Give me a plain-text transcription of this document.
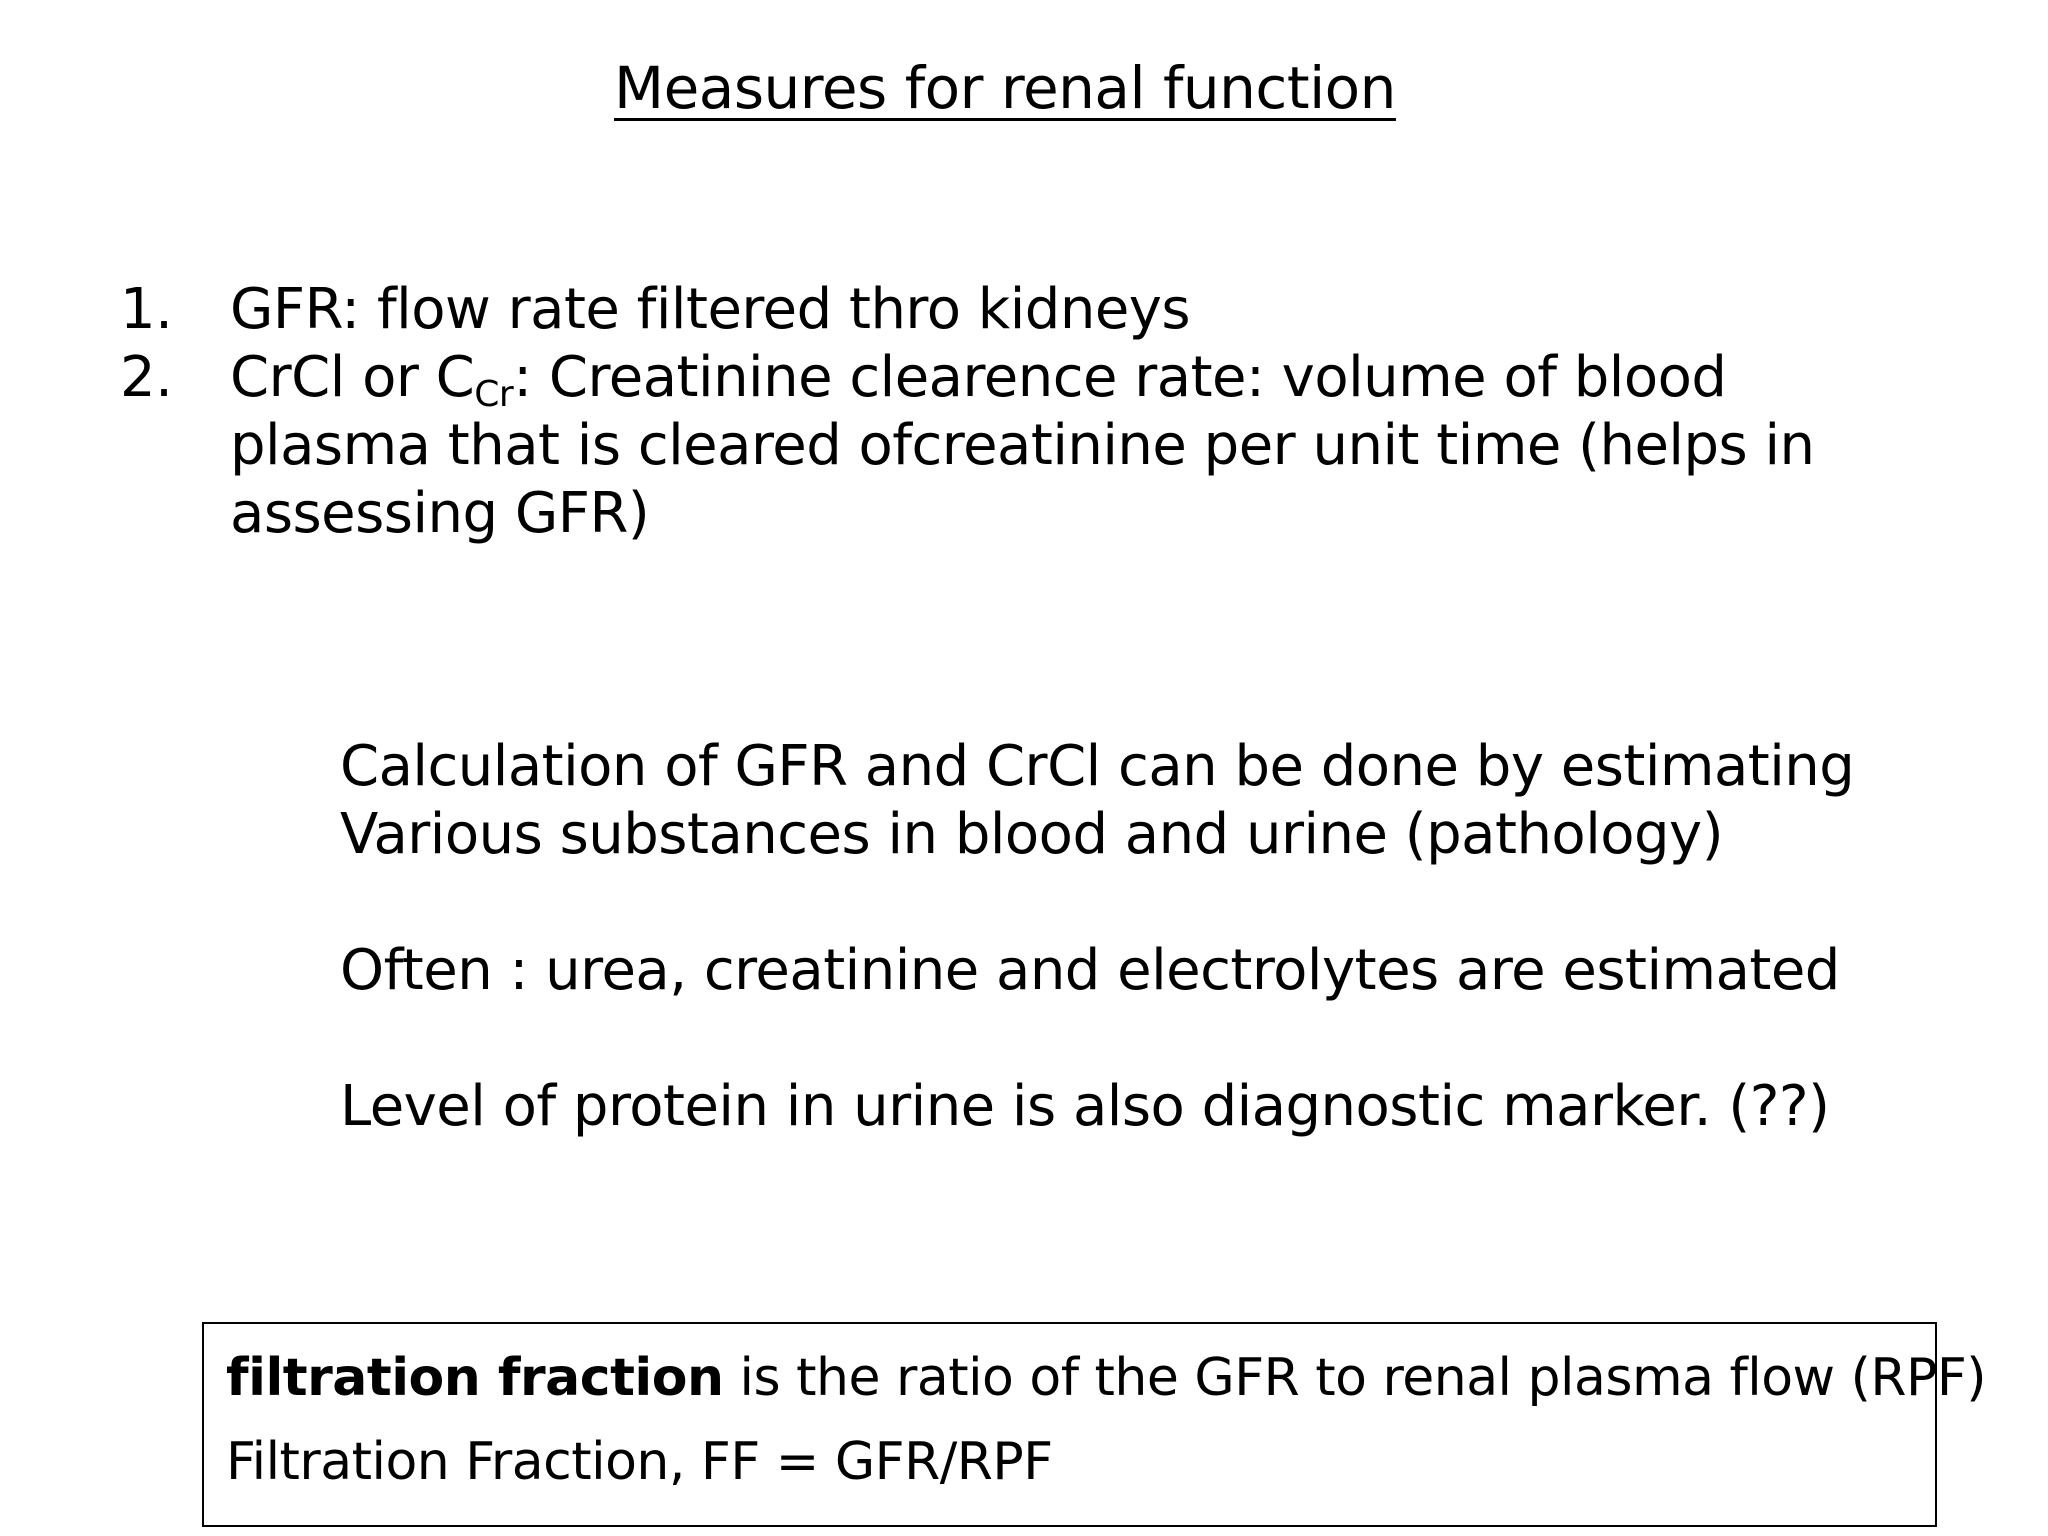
Measures for renal function
1.	GFR: flow rate filtered thro kidneys
2.	CrCl or CCr: Creatinine clearence rate: volume of blood plasma that is cleared ofcreatinine per unit time (helps in assessing GFR)

Calculation of GFR and CrCl can be done by estimating
Various substances in blood and urine (pathology)

Often : urea, creatinine and electrolytes are estimated

Level of protein in urine is also diagnostic marker. (??)

filtration fraction is the ratio of the GFR to renal plasma flow (RPF)

Filtration Fraction, FF = GFR/RPF
